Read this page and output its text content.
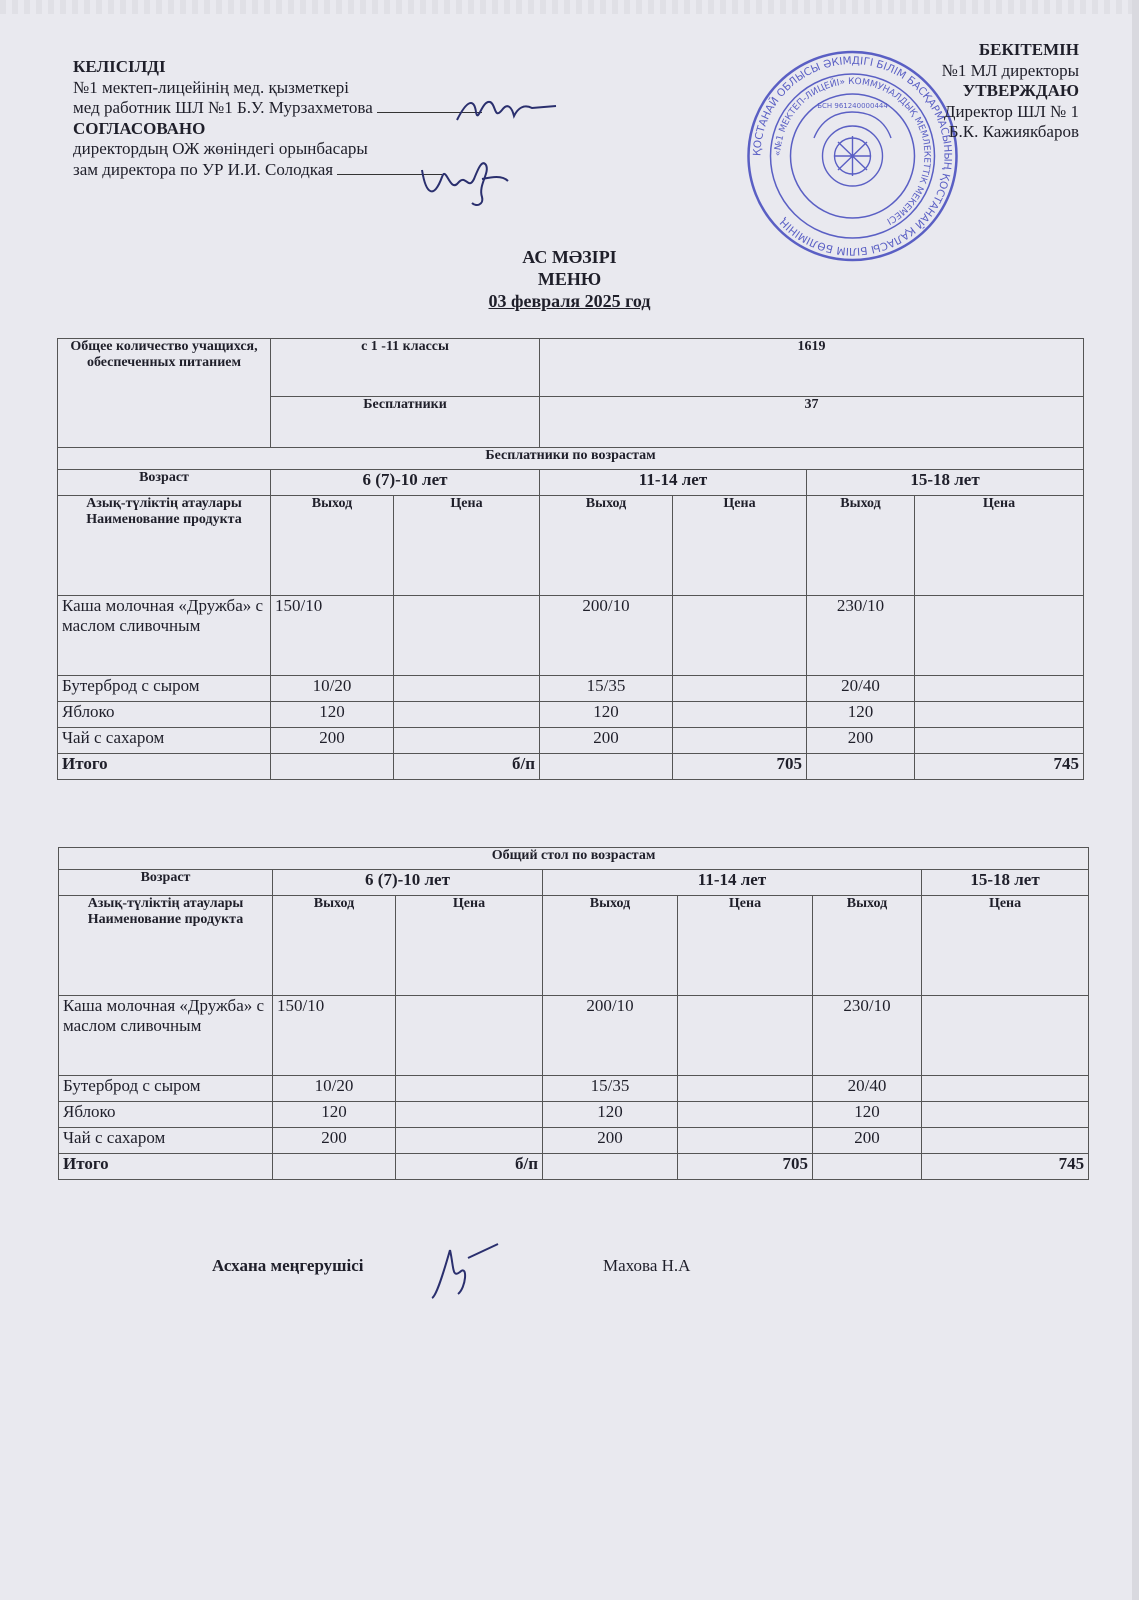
КЕЛІСІЛДІ
№1 мектеп-лицейінің мед. қызметкері
мед работник ШЛ №1 Б.У. Мурзахметова
СОГЛАСОВАНО
директордың ОЖ жөніндегі орынбасары
зам директора по УР И.И. Солодкая
ҚОСТАНАЙ ОБЛЫСЫ ӘКІМДІГІ БІЛІМ БАСҚАРМАСЫНЫҢ ҚОСТАНАЙ ҚАЛАСЫ БІЛІМ БӨЛІМІНІҢ
«№1 МЕКТЕП-ЛИЦЕЙІ» КОММУНАЛДЫҚ МЕМЛЕКЕТТІК МЕКЕМЕСІ
БСН 961240000444
БЕКІТЕМІН
№1 МЛ директоры
УТВЕРЖДАЮ
Директор ШЛ № 1
Б.К. Кажиякбаров
АС МӘЗІРІ
МЕНЮ
03 февраля 2025 год
Общее количество учащихся, обеспеченных питанием	с 1 -11 классы		1619			
	Бесплатники		37			
Бесплатники по возрастам						
Возраст	6 (7)-10 лет		11-14 лет		15-18 лет	
Азық-түліктің атаулары Наименование продукта	Выход	Цена	Выход	Цена	Выход	Цена
Каша молочная «Дружба» с маслом сливочным	150/10		200/10		230/10	
Бутерброд с сыром	10/20		15/35		20/40	
Яблоко	120		120		120	
Чай с сахаром	200		200		200	
Итого		б/п		705		745
Общий стол по возрастам						
Возраст	6 (7)-10 лет		11-14 лет			15-18 лет
Азық-түліктің атаулары Наименование продукта	Выход	Цена	Выход	Цена	Выход	Цена
Каша молочная «Дружба» с маслом сливочным	150/10		200/10		230/10	
Бутерброд с сыром	10/20		15/35		20/40	
Яблоко	120		120		120	
Чай с сахаром	200		200		200	
Итого		б/п		705		745
Асхана меңгерушісі	Махова Н.А
